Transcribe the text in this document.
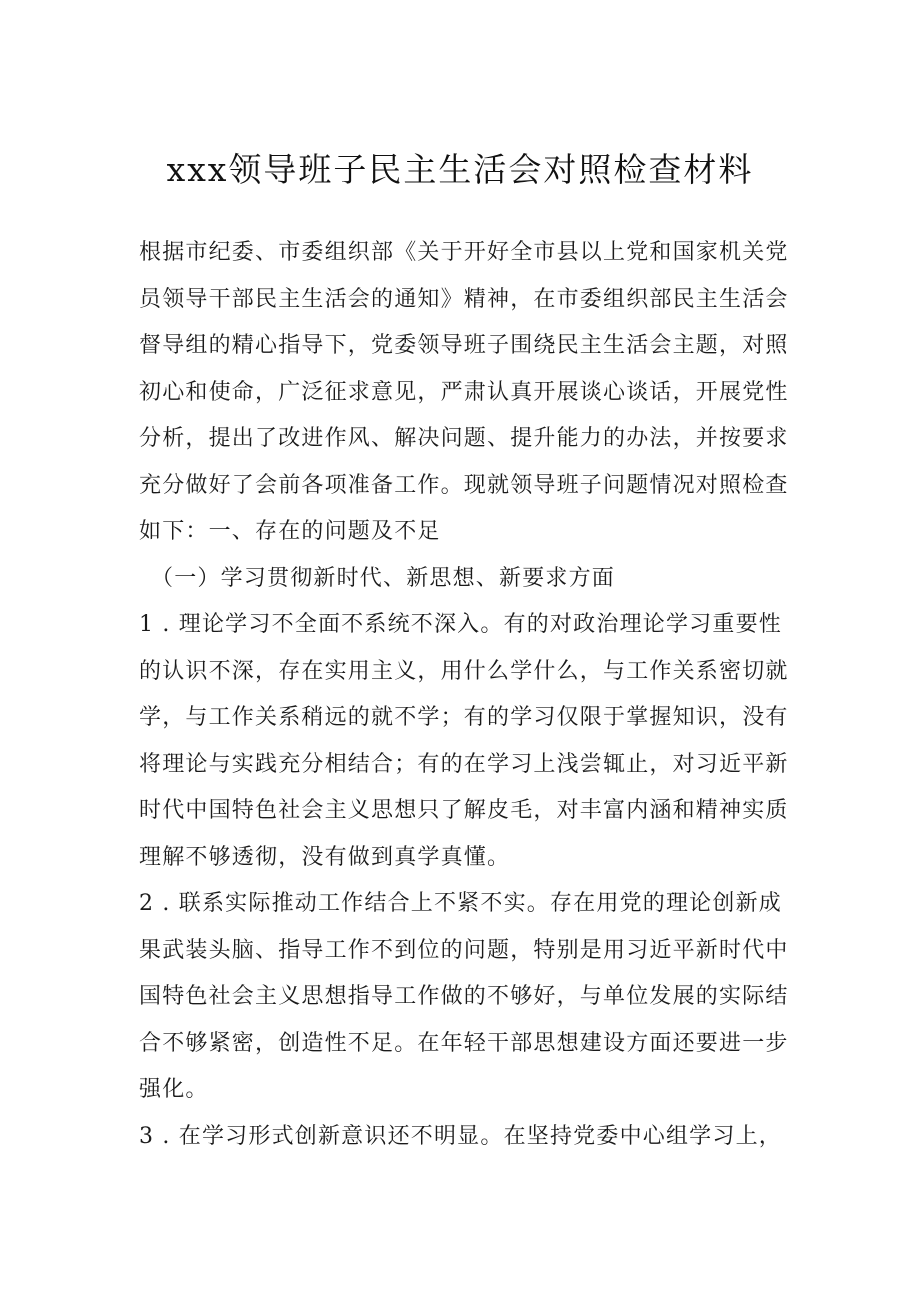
xxx领导班子民主生活会对照检查材料
根据市纪委、市委组织部《关于开好全市县以上党和国家机关党
员领导干部民主生活会的通知》精神，在市委组织部民主生活会
督导组的精心指导下，党委领导班子围绕民主生活会主题，对照
初心和使命，广泛征求意见，严肃认真开展谈心谈话，开展党性
分析，提出了改进作风、解决问题、提升能力的办法，并按要求
充分做好了会前各项准备工作。现就领导班子问题情况对照检查
如下：一、存在的问题及不足
（一）学习贯彻新时代、新思想、新要求方面
1 . 理论学习不全面不系统不深入。有的对政治理论学习重要性
的认识不深，存在实用主义，用什么学什么，与工作关系密切就
学，与工作关系稍远的就不学；有的学习仅限于掌握知识，没有
将理论与实践充分相结合；有的在学习上浅尝辄止，对习近平新
时代中国特色社会主义思想只了解皮毛，对丰富内涵和精神实质
理解不够透彻，没有做到真学真懂。
2 . 联系实际推动工作结合上不紧不实。存在用党的理论创新成
果武装头脑、指导工作不到位的问题，特别是用习近平新时代中
国特色社会主义思想指导工作做的不够好，与单位发展的实际结
合不够紧密，创造性不足。在年轻干部思想建设方面还要进一步
强化。
3 . 在学习形式创新意识还不明显。在坚持党委中心组学习上，
